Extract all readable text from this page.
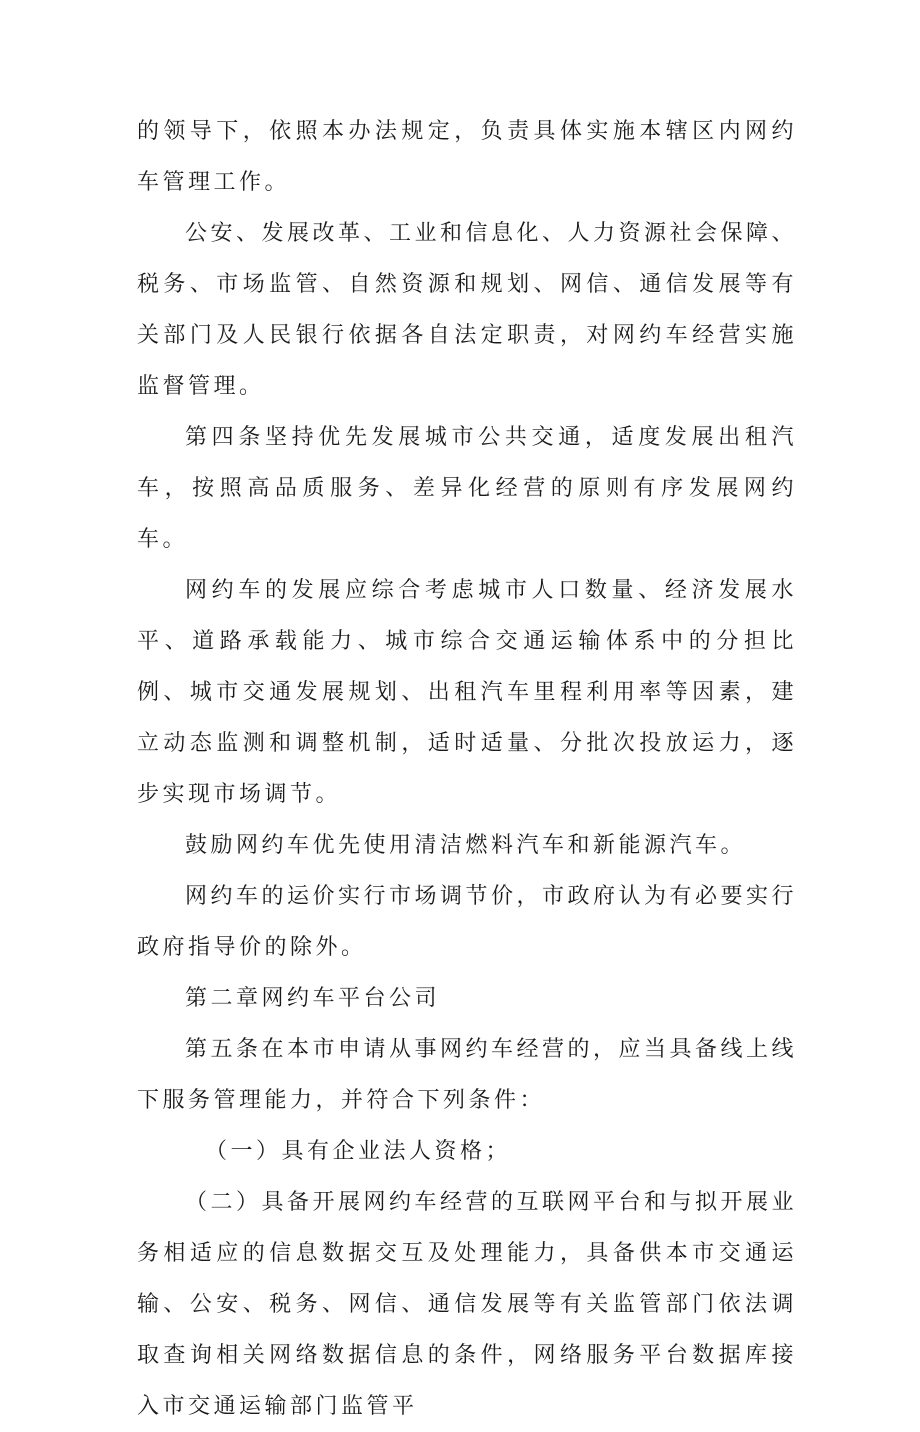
的领导下，依照本办法规定，负责具体实施本辖区内网约车管理工作。

公安、发展改革、工业和信息化、人力资源社会保障、税务、市场监管、自然资源和规划、网信、通信发展等有关部门及人民银行依据各自法定职责，对网约车经营实施监督管理。

第四条坚持优先发展城市公共交通，适度发展出租汽车，按照高品质服务、差异化经营的原则有序发展网约车。

网约车的发展应综合考虑城市人口数量、经济发展水平、道路承载能力、城市综合交通运输体系中的分担比例、城市交通发展规划、出租汽车里程利用率等因素，建立动态监测和调整机制，适时适量、分批次投放运力，逐步实现市场调节。

鼓励网约车优先使用清洁燃料汽车和新能源汽车。

网约车的运价实行市场调节价，市政府认为有必要实行政府指导价的除外。

第二章网约车平台公司

第五条在本市申请从事网约车经营的，应当具备线上线下服务管理能力，并符合下列条件：

（一）具有企业法人资格；

（二）具备开展网约车经营的互联网平台和与拟开展业务相适应的信息数据交互及处理能力，具备供本市交通运输、公安、税务、网信、通信发展等有关监管部门依法调取查询相关网络数据信息的条件，网络服务平台数据库接入市交通运输部门监管平
